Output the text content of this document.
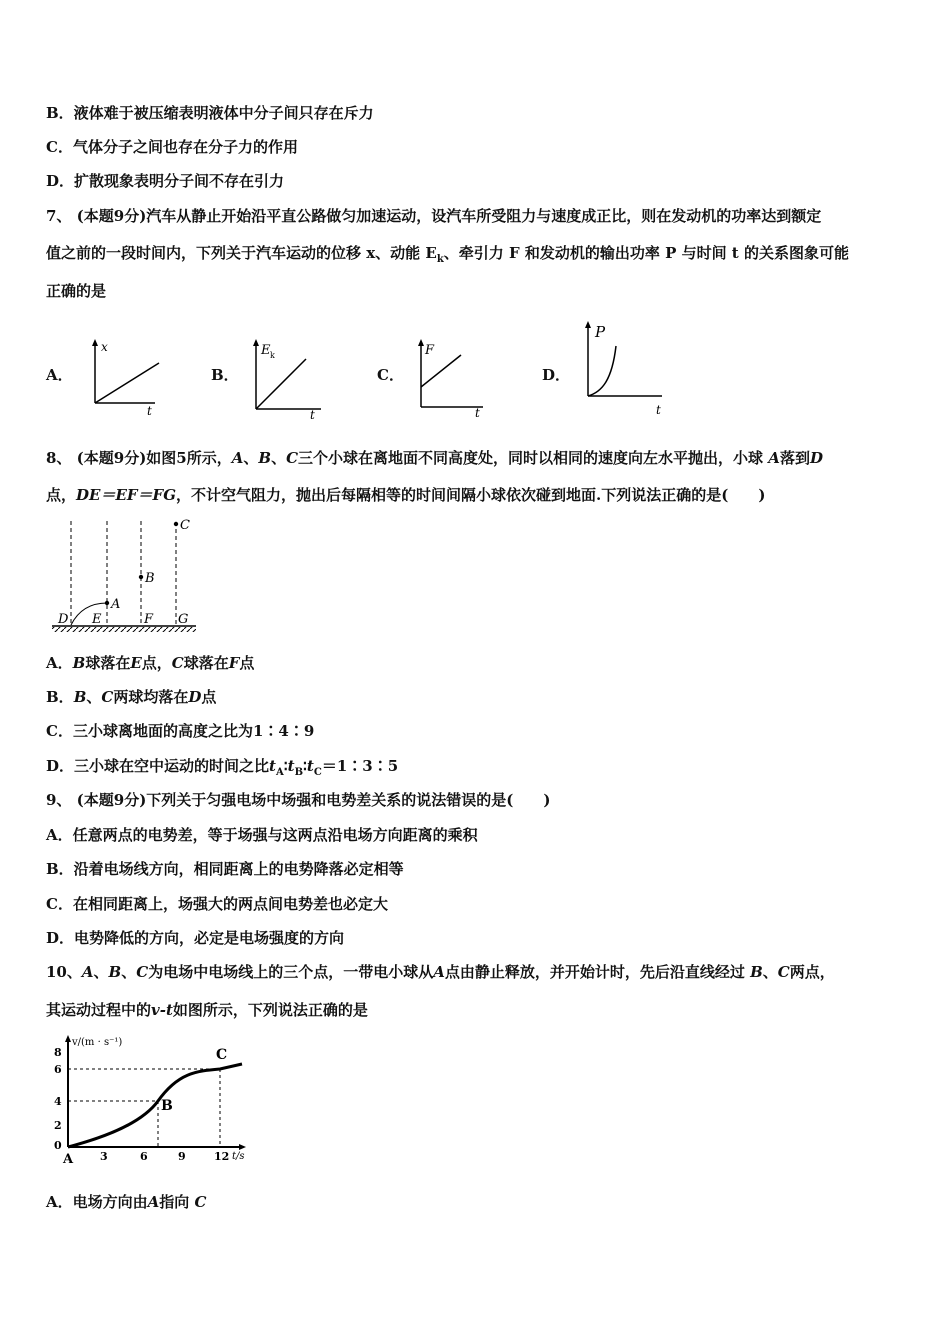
B．液体难于被压缩表明液体中分子间只存在斥力
C．气体分子之间也存在分子力的作用
D．扩散现象表明分子间不存在引力
7、 (本题9分)汽车从静止开始沿平直公路做匀加速运动，设汽车所受阻力与速度成正比，则在发动机的功率达到额定
值之前的一段时间内，下列关于汽车运动的位移 x、动能 $E_k$、牵引力 F 和发动机的输出功率 P 与时间 t 的关系图象可能
正确的是
A．
x
t
B．
E k
t
C．
F
t
D．
P
t
8、 (本题9分)如图5所示，A、B、C三个小球在离地面不同高度处，同时以相同的速度向左水平抛出，小球 A落到D
点，DE＝EF＝FG，不计空气阻力，抛出后每隔相等的时间间隔小球依次碰到地面.下列说法正确的是(　　)
C
B
A
D E	F G
A．B球落在E点，C球落在F点
B．B、C两球均落在D点
C．三小球离地面的高度之比为1∶4∶9
D．三小球在空中运动的时间之比$t_A∶t_B∶t_C=1∶3∶5$
9、 (本题9分)下列关于匀强电场中场强和电势差关系的说法错误的是(　　)
A．任意两点的电势差，等于场强与这两点沿电场方向距离的乘积
B．沿着电场线方向，相同距离上的电势降落必定相等
C．在相同距离上，场强大的两点间电势差也必定大
D．电势降低的方向，必定是电场强度的方向
10、A、B、C为电场中电场线上的三个点，一带电小球从A点由静止释放，并开始计时，先后沿直线经过 B、C两点，
其运动过程中的v-t如图所示，下列说法正确的是
v/(m · s⁻¹)
t/s
8
6
4
2
0
3	6	9	12
A
B
C
A．电场方向由A指向 C
